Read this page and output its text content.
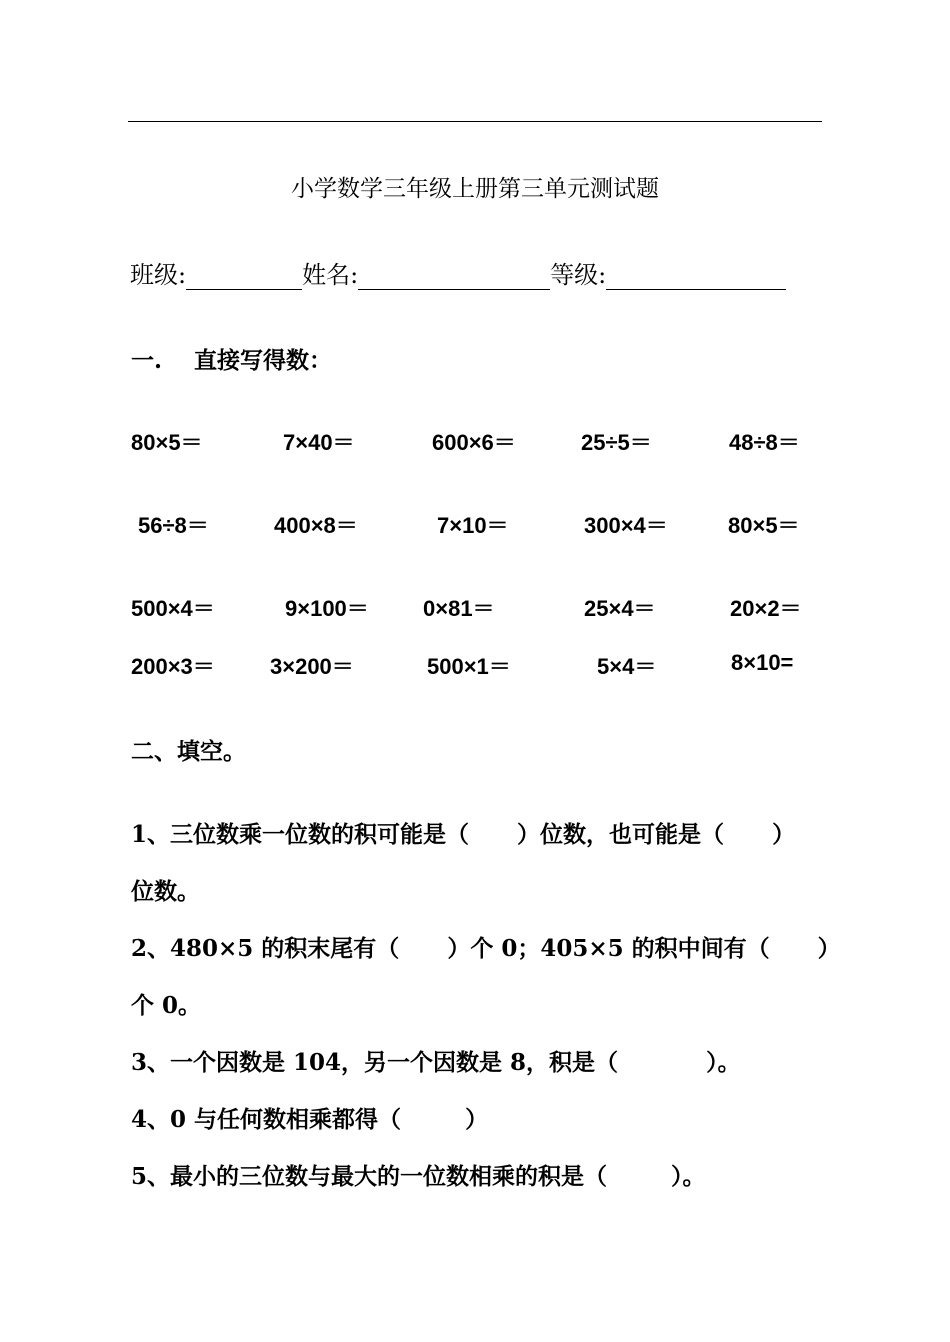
小学数学三年级上册第三单元测试题
班级:	姓名:	等级:
一.    直接写得数：
80×5＝	7×40＝	600×6＝	25÷5＝	48÷8＝
56÷8＝	400×8＝	7×10＝	300×4＝	80×5＝
500×4＝	9×100＝ 0×81＝	25×4＝	20×2＝
200×3＝	3×200＝	500×1＝	5×4＝	8×10=
二、填空。
1、三位数乘一位数的积可能是（      ）位数，也可能是（      ）
位数。
2、480×5 的积末尾有（      ）个 0；405×5 的积中间有（      ）
个 0。
3、一个因数是 104，另一个因数是 8，积是（           ）。
4、0 与任何数相乘都得（        ）
5、最小的三位数与最大的一位数相乘的积是（        ）。
